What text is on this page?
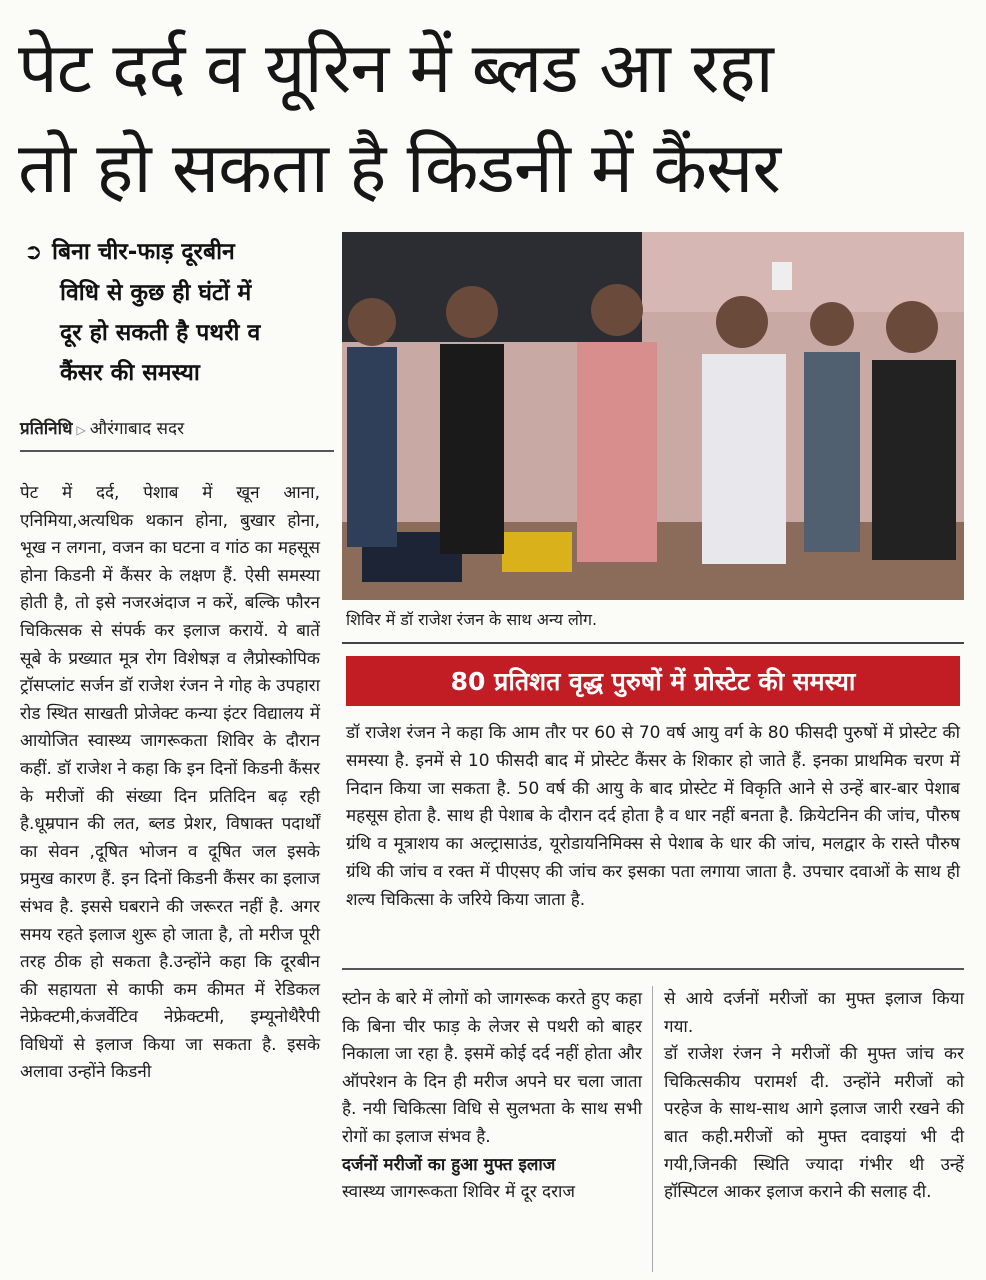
पेट दर्द व यूरिन में ब्लड आ रहा
तो हो सकता है किडनी में कैंसर
➲ बिना चीर-फाड़ दूरबीन
विधि से कुछ ही घंटों में
दूर हो सकती है पथरी व
कैंसर की समस्या
प्रतिनिधि ▷ औरंगाबाद सदर

पेट में दर्द, पेशाब में खून आना, एनिमिया,अत्यधिक थकान होना, बुखार होना, भूख न लगना, वजन का घटना व गांठ का महसूस होना किडनी में कैंसर के लक्षण हैं. ऐसी समस्या होती है, तो इसे नजरअंदाज न करें, बल्कि फौरन चिकित्सक से संपर्क कर इलाज करायें. ये बातें सूबे के प्रख्यात मूत्र रोग विशेषज्ञ व लैप्रोस्कोपिक ट्रॉसप्लांट सर्जन डॉ राजेश रंजन ने गोह के उपहारा रोड स्थित साखती प्रोजेक्ट कन्या इंटर विद्यालय में आयोजित स्वास्थ्य जागरूकता शिविर के दौरान कहीं. डॉ राजेश ने कहा कि इन दिनों किडनी कैंसर के मरीजों की संख्या दिन प्रतिदिन बढ़ रही है.धूम्रपान की लत, ब्लड प्रेशर, विषाक्त पदार्थों का सेवन ,दूषित भोजन व दूषित जल इसके प्रमुख कारण हैं. इन दिनों किडनी कैंसर का इलाज संभव है. इससे घबराने की जरूरत नहीं है. अगर समय रहते इलाज शुरू हो जाता है, तो मरीज पूरी तरह ठीक हो सकता है.उन्होंने कहा कि दूरबीन की सहायता से काफी कम कीमत में रेडिकल नेफ्रेक्टमी,कंजर्वेटिव नेफ्रेक्टमी, इम्यूनोथैरैपी विधियों से इलाज किया जा सकता है. इसके अलावा उन्होंने किडनी

शिविर में डॉ राजेश रंजन के साथ अन्य लोग.
80 प्रतिशत वृद्ध पुरुषों में प्रोस्टेट की समस्या

डॉ राजेश रंजन ने कहा कि आम तौर पर 60 से 70 वर्ष आयु वर्ग के 80 फीसदी पुरुषों में प्रोस्टेट की समस्या है. इनमें से 10 फीसदी बाद में प्रोस्टेट कैंसर के शिकार हो जाते हैं. इनका प्राथमिक चरण में निदान किया जा सकता है. 50 वर्ष की आयु के बाद प्रोस्टेट में विकृति आने से उन्हें बार-बार पेशाब महसूस होता है. साथ ही पेशाब के दौरान दर्द होता है व धार नहीं बनता है. क्रियेटनिन की जांच, पौरुष ग्रंथि व मूत्राशय का अल्ट्रासाउंड, यूरोडायनिमिक्स से पेशाब के धार की जांच, मलद्वार के रास्ते पौरुष ग्रंथि की जांच व रक्त में पीएसए की जांच कर इसका पता लगाया जाता है. उपचार दवाओं के साथ ही शल्य चिकित्सा के जरिये किया जाता है.

स्टोन के बारे में लोगों को जागरूक करते हुए कहा कि बिना चीर फाड़ के लेजर से पथरी को बाहर निकाला जा रहा है. इसमें कोई दर्द नहीं होता और ऑपरेशन के दिन ही मरीज अपने घर चला जाता है. नयी चिकित्सा विधि से सुलभता के साथ सभी रोगों का इलाज संभव है.

दर्जनों मरीजों का हुआ मुफ्त इलाज

स्वास्थ्य जागरूकता शिविर में दूर दराज

से आये दर्जनों मरीजों का मुफ्त इलाज किया गया.

डॉ राजेश रंजन ने मरीजों की मुफ्त जांच कर चिकित्सकीय परामर्श दी. उन्होंने मरीजों को परहेज के साथ-साथ आगे इलाज जारी रखने की बात कही.मरीजों को मुफ्त दवाइयां भी दी गयी,जिनकी स्थिति ज्यादा गंभीर थी उन्हें हॉस्पिटल आकर इलाज कराने की सलाह दी.
